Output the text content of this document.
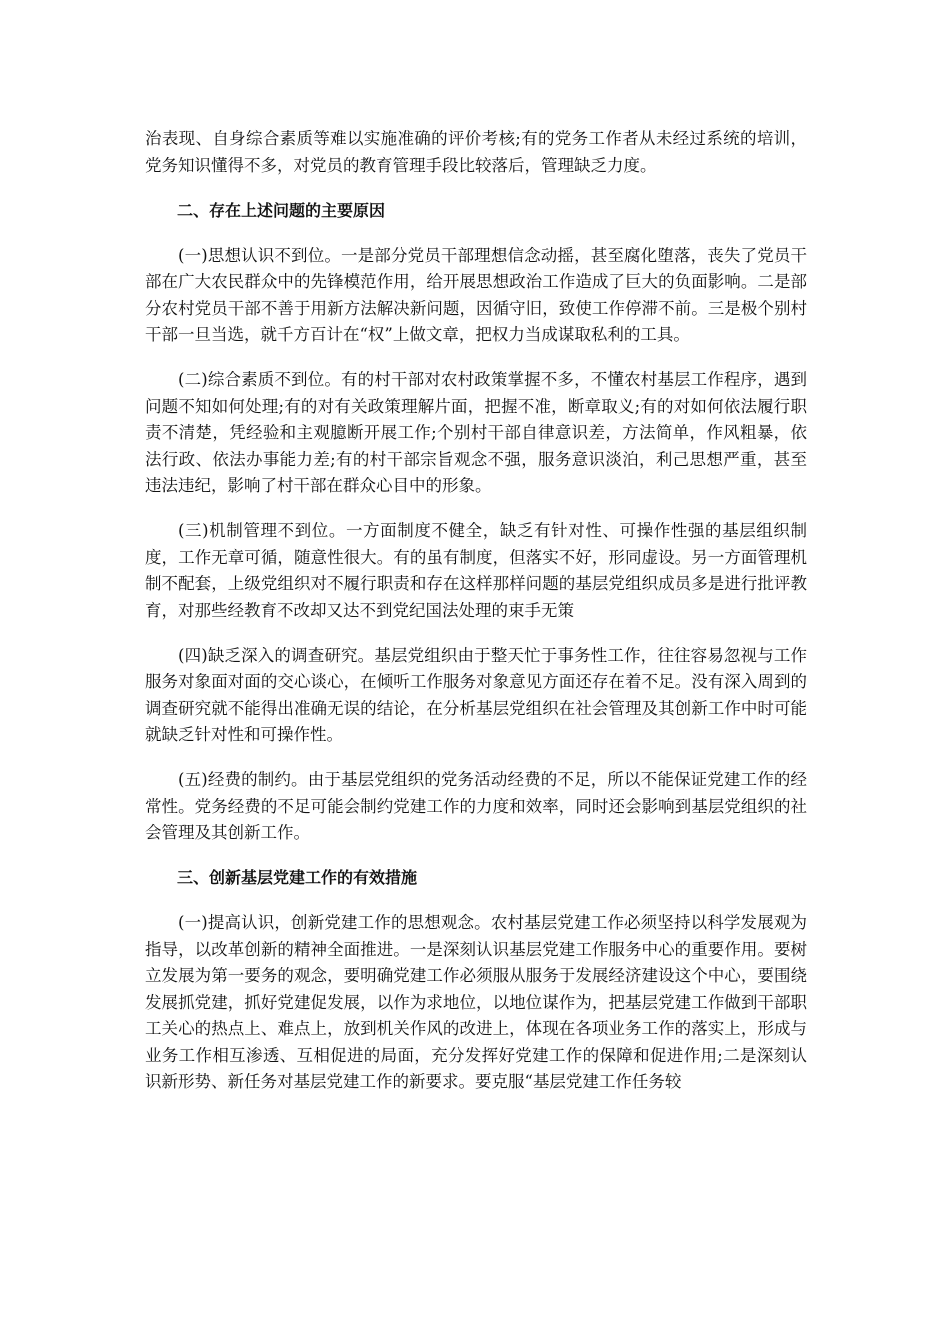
治表现、自身综合素质等难以实施准确的评价考核;有的党务工作者从未经过系统的培训，党务知识懂得不多，对党员的教育管理手段比较落后，管理缺乏力度。

二、存在上述问题的主要原因

(一)思想认识不到位。一是部分党员干部理想信念动摇，甚至腐化堕落，丧失了党员干部在广大农民群众中的先锋模范作用，给开展思想政治工作造成了巨大的负面影响。二是部分农村党员干部不善于用新方法解决新问题，因循守旧，致使工作停滞不前。三是极个别村干部一旦当选，就千方百计在“权”上做文章，把权力当成谋取私利的工具。

(二)综合素质不到位。有的村干部对农村政策掌握不多，不懂农村基层工作程序，遇到问题不知如何处理;有的对有关政策理解片面，把握不准，断章取义;有的对如何依法履行职责不清楚，凭经验和主观臆断开展工作;个别村干部自律意识差，方法简单，作风粗暴，依法行政、依法办事能力差;有的村干部宗旨观念不强，服务意识淡泊，利己思想严重，甚至违法违纪，影响了村干部在群众心目中的形象。

(三)机制管理不到位。一方面制度不健全，缺乏有针对性、可操作性强的基层组织制度，工作无章可循，随意性很大。有的虽有制度，但落实不好，形同虚设。另一方面管理机制不配套，上级党组织对不履行职责和存在这样那样问题的基层党组织成员多是进行批评教育，对那些经教育不改却又达不到党纪国法处理的束手无策

(四)缺乏深入的调查研究。基层党组织由于整天忙于事务性工作，往往容易忽视与工作服务对象面对面的交心谈心，在倾听工作服务对象意见方面还存在着不足。没有深入周到的调查研究就不能得出准确无误的结论，在分析基层党组织在社会管理及其创新工作中时可能就缺乏针对性和可操作性。

(五)经费的制约。由于基层党组织的党务活动经费的不足，所以不能保证党建工作的经常性。党务经费的不足可能会制约党建工作的力度和效率，同时还会影响到基层党组织的社会管理及其创新工作。

三、创新基层党建工作的有效措施

(一)提高认识，创新党建工作的思想观念。农村基层党建工作必须坚持以科学发展观为指导，以改革创新的精神全面推进。一是深刻认识基层党建工作服务中心的重要作用。要树立发展为第一要务的观念，要明确党建工作必须服从服务于发展经济建设这个中心，要围绕发展抓党建，抓好党建促发展，以作为求地位，以地位谋作为，把基层党建工作做到干部职工关心的热点上、难点上，放到机关作风的改进上，体现在各项业务工作的落实上，形成与业务工作相互渗透、互相促进的局面，充分发挥好党建工作的保障和促进作用;二是深刻认识新形势、新任务对基层党建工作的新要求。要克服“基层党建工作任务较
